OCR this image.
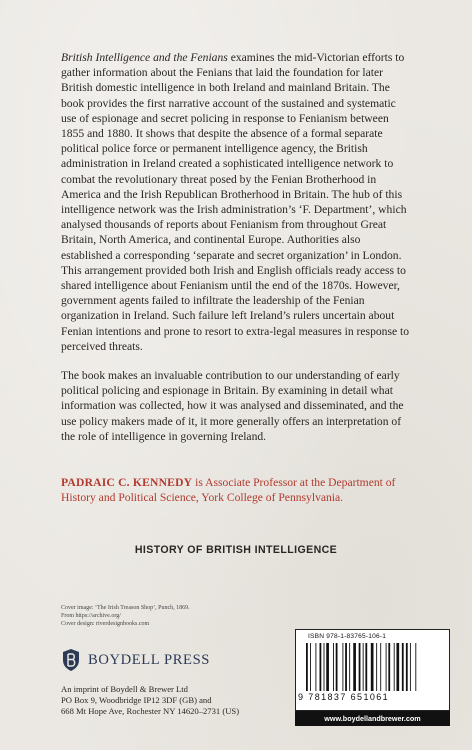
British Intelligence and the Fenians examines the mid-Victorian efforts to gather information about the Fenians that laid the foundation for later British domestic intelligence in both Ireland and mainland Britain. The book provides the first narrative account of the sustained and systematic use of espionage and secret policing in response to Fenianism between 1855 and 1880. It shows that despite the absence of a formal separate political police force or permanent intelligence agency, the British administration in Ireland created a sophisticated intelligence network to combat the revolutionary threat posed by the Fenian Brotherhood in America and the Irish Republican Brotherhood in Britain. The hub of this intelligence network was the Irish administration’s ‘F. Department’, which analysed thousands of reports about Fenianism from throughout Great Britain, North America, and continental Europe. Authorities also established a corresponding ‘separate and secret organization’ in London. This arrangement provided both Irish and English officials ready access to shared intelligence about Fenianism until the end of the 1870s. However, government agents failed to infiltrate the leadership of the Fenian organization in Ireland. Such failure left Ireland’s rulers uncertain about Fenian intentions and prone to resort to extra-legal measures in response to perceived threats.

The book makes an invaluable contribution to our understanding of early political policing and espionage in Britain. By examining in detail what information was collected, how it was analysed and disseminated, and the use policy makers made of it, it more generally offers an interpretation of the role of intelligence in governing Ireland.

PADRAIC C. KENNEDY is Associate Professor at the Department of History and Political Science, York College of Pennsylvania.
HISTORY OF BRITISH INTELLIGENCE
Cover image: ‘The Irish Treason Shop’, Punch, 1869.
From https://archive.org/
Cover design: riverdesignbooks.com
BOYDELL PRESS
An imprint of Boydell & Brewer Ltd
PO Box 9, Woodbridge IP12 3DF (GB) and
668 Mt Hope Ave, Rochester NY 14620–2731 (US)
ISBN 978-1-83765-106-1
9 781837 651061
www.boydellandbrewer.com
